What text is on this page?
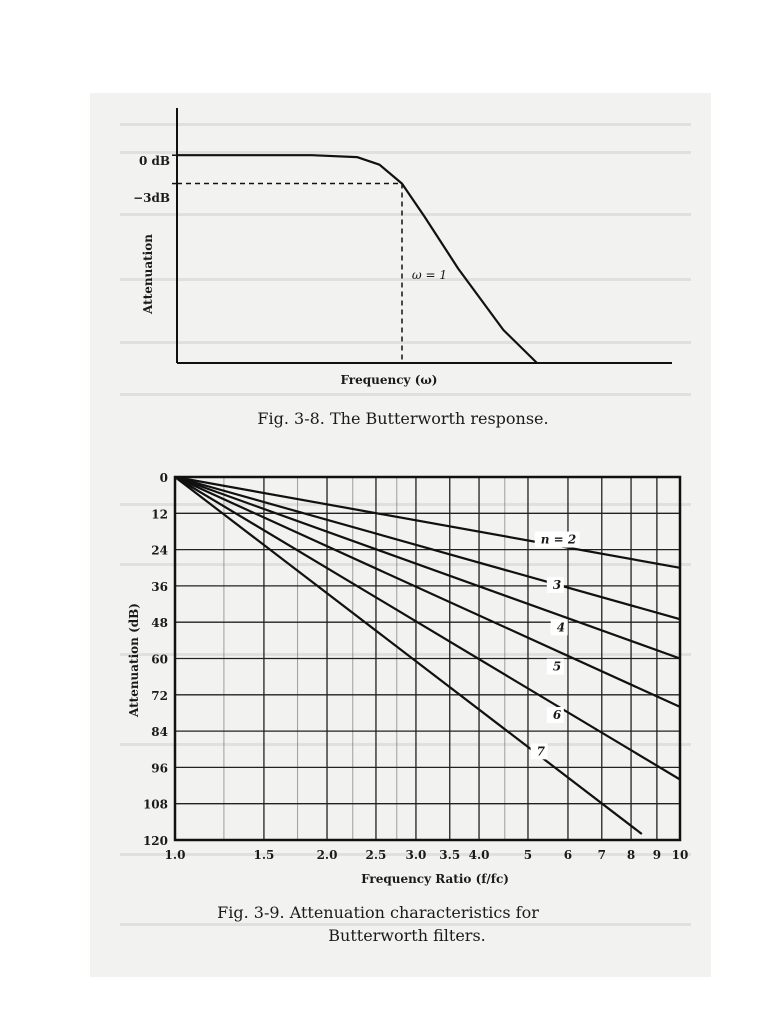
0 dB
−3dB
Attenuation
Frequency (ω)
ω = 1
Fig. 3-8. The Butterworth response.
n = 2
3
4
5
6
7
1.0	1.5	2.0 2.5 3.0 3.5 4.0	5	6 7 8 9 10
0
12
24
36
48
60
72
84
96
108
120
Attenuation (dB)
Frequency Ratio (f/fc)
Fig. 3-9. Attenuation characteristics for
Butterworth filters.
